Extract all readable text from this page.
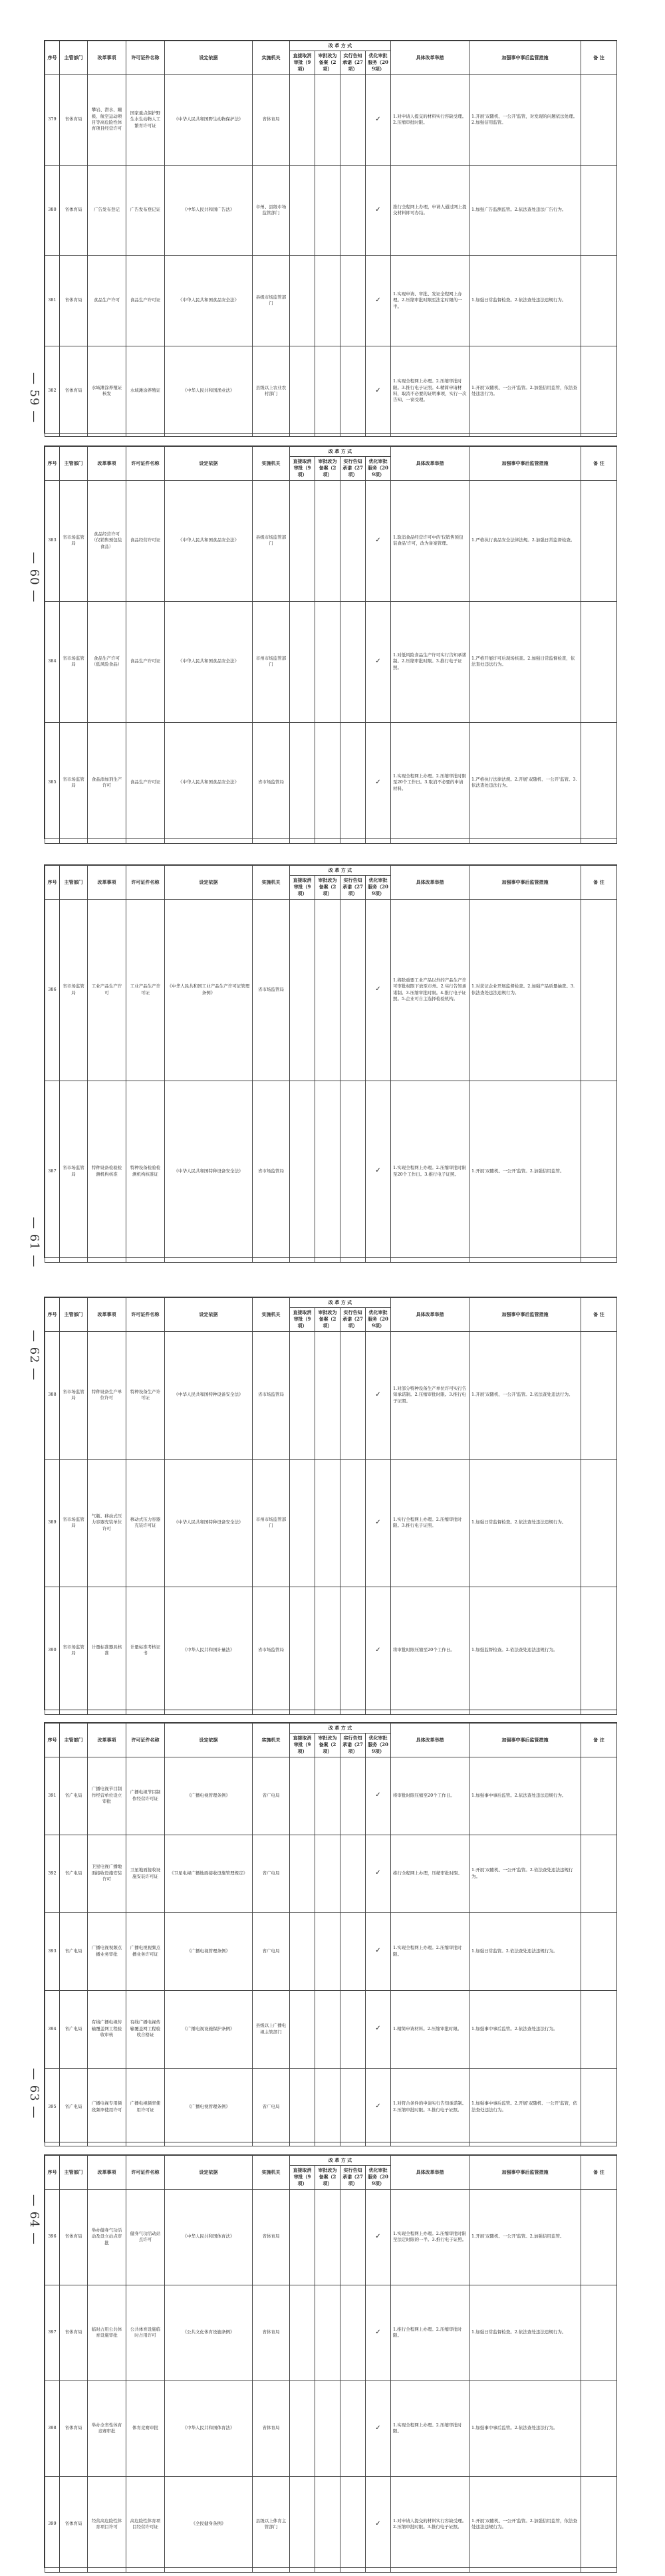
— 59 —
— 60 —
— 61 —
— 62 —
— 63 —
— 64 —
序号	主管部门	改革事项	许可证件名称	设定依据	实施机关	改 革 方 式				具体改革举措	加强事中事后监管措施	备 注
						直接取消审批（9项）	审批改为备案（2项）	实行告知承诺（27项）	优化审批服务（209项）			
379	省体育局	攀岩、潜水、蹦极、航空运动项目等高危险性体育项目经营许可	国家重点保护野生水生动物人工繁育许可证	《中华人民共和国野生动物保护法》	省体育局				✓	1.对申请人提交的材料实行容缺受理。2.压缩审批时限。	1.开展'双随机、一公开'监管，对发现的问题依法处理。2.加强信用监管。	
380	省体育局	广告发布登记	广告发布登记证	《中华人民共和国广告法》	市州、县级市场监管部门				✓	推行全程网上办理，申请人通过网上提交材料即可办结。	1.加强广告监测监管。2.依法查处违法广告行为。	
381	省体育局	食品生产许可	食品生产许可证	《中华人民共和国食品安全法》	县级市场监管部门				✓	1.实现申请、审批、发证全程网上办理。2.压缩审批时限至法定时限的一半。	1.加强日常监督检查。2.依法查处违法违规行为。	
382	省体育局	水域滩涂养殖证核发	水域滩涂养殖证	《中华人民共和国渔业法》	县级以上农业农村部门				✓	1.实现全程网上办理。2.压缩审批时限。3.推行电子证照。4.精简申请材料，取消不必要的证明事项，实行一次告知、一窗受理。	1.开展'双随机、一公开'监管。2.加强信用监管，依法查处违法行为。	
序号	主管部门	改革事项	许可证件名称	设定依据	实施机关	改 革 方 式				具体改革举措	加强事中事后监管措施	备 注
						直接取消审批（9项）	审批改为备案（2项）	实行告知承诺（27项）	优化审批服务（209项）			
383	省市场监管局	食品经营许可（仅销售预包装食品）	食品经营许可证	《中华人民共和国食品安全法》	县级市场监管部门				✓	1.取消食品经营许可中的'仅销售预包装食品'许可，改为备案管理。	1.严格执行食品安全法律法规。2.加强日常监督检查。	
384	省市场监管局	食品生产许可（低风险食品）	食品生产许可证	《中华人民共和国食品安全法》	市州市场监管部门				✓	1.对低风险食品生产许可实行告知承诺制。2.压缩审批时限。3.推行电子证照。	1.严格开展许可后现场核查。2.加强日常监督检查，依法查处违法行为。	
385	省市场监管局	食品添加剂生产许可	食品生产许可证	《中华人民共和国食品安全法》	省市场监管局				✓	1.实现全程网上办理。2.压缩审批时限至20个工作日。3.取消不必要的申请材料。	1.严格执行法律法规。2.开展'双随机、一公开'监管。3.依法查处违法行为。	
序号	主管部门	改革事项	许可证件名称	设定依据	实施机关	改 革 方 式				具体改革举措	加强事中事后监管措施	备 注
						直接取消审批（9项）	审批改为备案（2项）	实行告知承诺（27项）	优化审批服务（209项）			
386	省市场监管局	工业产品生产许可	工业产品生产许可证	《中华人民共和国工业产品生产许可证管理条例》	省市场监管局				✓	1.将除重要工业产品以外的产品生产许可审批权限下放至市州。2.实行告知承诺制。3.压缩审批时限。4.推行电子证照。5.企业可自主选择检验机构。	1.对获证企业开展监督检查。2.加强产品质量抽查。3.依法查处违法违规行为。	
387	省市场监管局	特种设备检验检测机构核准	特种设备检验检测机构核准证	《中华人民共和国特种设备安全法》	省市场监管局				✓	1.实现全程网上办理。2.压缩审批时限至20个工作日。3.推行电子证照。	1.开展'双随机、一公开'监管。2.加强信用监管。	
序号	主管部门	改革事项	许可证件名称	设定依据	实施机关	改 革 方 式				具体改革举措	加强事中事后监管措施	备 注
						直接取消审批（9项）	审批改为备案（2项）	实行告知承诺（27项）	优化审批服务（209项）			
388	省市场监管局	特种设备生产单位许可	特种设备生产许可证	《中华人民共和国特种设备安全法》	省市场监管局				✓	1.对部分特种设备生产单位许可实行告知承诺制。2.压缩审批时限。3.推行电子证照。	1.开展'双随机、一公开'监管。2.依法查处违法行为。	
389	省市场监管局	气瓶、移动式压力容器充装单位许可	移动式压力容器充装许可证	《中华人民共和国特种设备安全法》	市州市场监管部门				✓	1.实行全程网上办理。2.压缩审批时限。3.推行电子证照。	1.加强日常监督检查。2.依法查处违法违规行为。	
390	省市场监管局	计量标准器具核准	计量标准考核证书	《中华人民共和国计量法》	省市场监管局				✓	将审批时限压缩至20个工作日。	1.加强监督检查。2.依法查处违法违规行为。	
序号	主管部门	改革事项	许可证件名称	设定依据	实施机关	改 革 方 式				具体改革举措	加强事中事后监管措施	备 注
						直接取消审批（9项）	审批改为备案（2项）	实行告知承诺（27项）	优化审批服务（209项）			
391	省广电局	广播电视节目制作经营单位设立审批	广播电视节目制作经营许可证	《广播电视管理条例》	省广电局				✓	将审批时限压缩至20个工作日。	1.加强事中事后监管。2.依法查处违法违规行为。	
392	省广电局	卫星电视广播地面接收设施安装许可	卫星地面接收设施安装许可证	《卫星电视广播地面接收设施管理规定》	省广电局				✓	推行全程网上办理，压缩审批时限。	1.开展'双随机、一公开'监管。2.依法查处违法违规行为。	
393	省广电局	广播电视视频点播业务审批	广播电视视频点播业务许可证	《广播电视管理条例》	省广电局				✓	1.实现全程网上办理。2.压缩审批时限。	1.加强日常监管。2.依法查处违法违规行为。	
394	省广电局	有线广播电视传输覆盖网工程验收审核	有线广播电视传输覆盖网工程验收合格证	《广播电视设施保护条例》	县级以上广播电视主管部门				✓	1.精简申请材料。2.压缩审批时限。	1.加强事中事后监管。2.依法查处违法行为。	
395	省广电局	广播电视专用频段频率使用许可	广播电视频率使用许可证	《广播电视管理条例》	省广电局				✓	1.对符合条件的申请实行告知承诺制。2.压缩审批时限。3.推行电子证照。	1.加强事中事后监管。2.开展'双随机、一公开'监管，依法查处违法行为。	
序号	主管部门	改革事项	许可证件名称	设定依据	实施机关	改 革 方 式				具体改革举措	加强事中事后监管措施	备 注
						直接取消审批（9项）	审批改为备案（2项）	实行告知承诺（27项）	优化审批服务（209项）			
396	省体育局	举办健身气功活动及设立站点审批	健身气功活动站点许可	《中华人民共和国体育法》	省体育局				✓	1.实现全程网上办理。2.压缩审批时限至法定时限的一半。3.推行电子证照。	1.开展'双随机、一公开'监管。2.加强信用监管。	
397	省体育局	临时占用公共体育设施审批	公共体育设施临时占用许可	《公共文化体育设施条例》	省体育局				✓	1.推行全程网上办理。2.压缩审批时限。	1.加强日常监督检查。2.依法查处违法违规行为。	
398	省体育局	举办全省性体育竞赛审批	体育竞赛审批	《中华人民共和国体育法》	省体育局				✓	1.实现全程网上办理。2.压缩审批时限。	1.加强事中事后监管。2.依法查处违法行为。	
399	省体育局	经营高危险性体育项目许可	高危险性体育项目经营许可证	《全民健身条例》	县级以上体育主管部门				✓	1.对申请人提交的材料实行容缺受理。2.压缩审批时限。3.推行电子证照。	1.开展'双随机、一公开'监管。2.加强信用监管，依法查处违法违规行为。	
